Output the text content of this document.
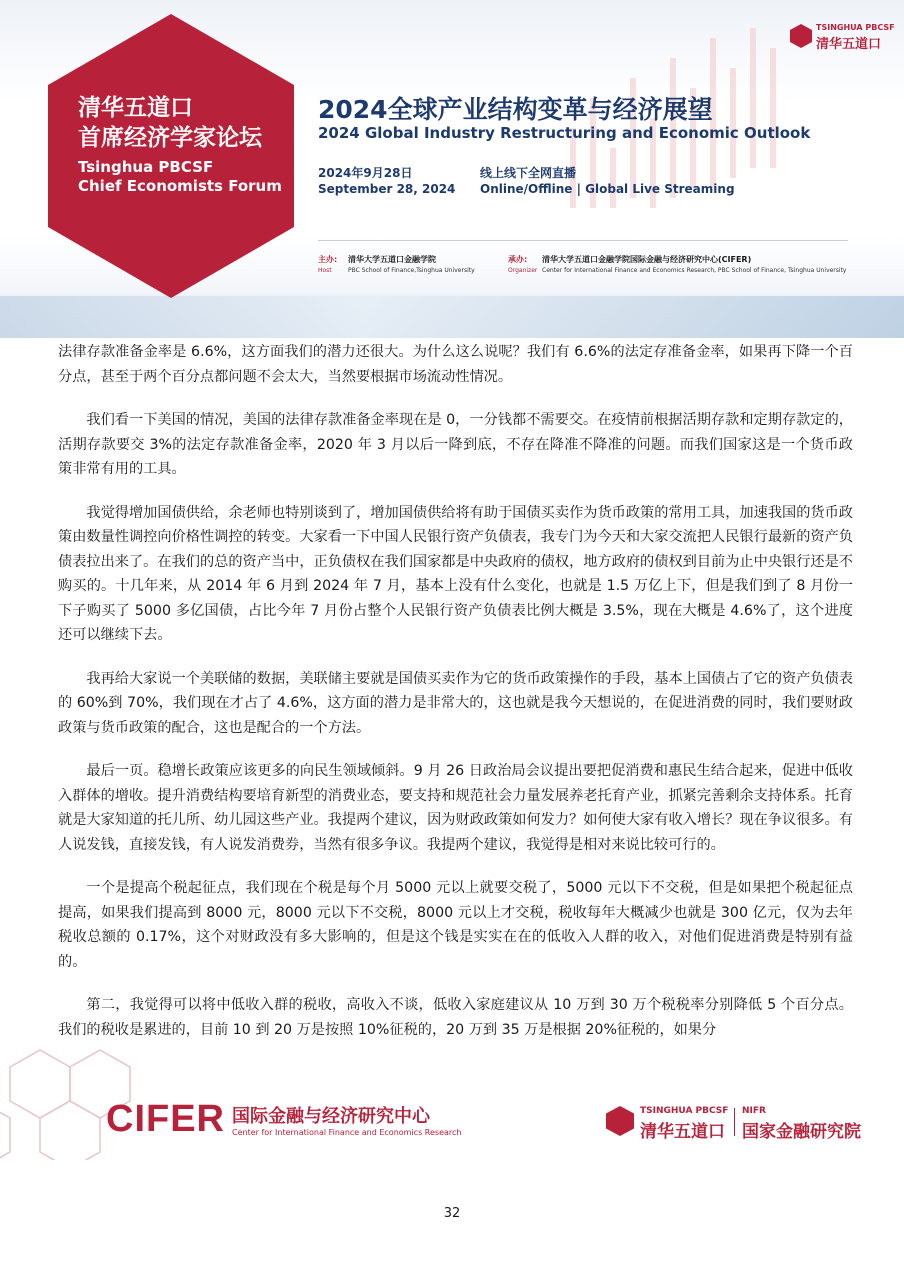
清华五道口
首席经济学家论坛
Tsinghua PBCSF
Chief Economists Forum
TSINGHUA PBCSF
清华五道口
2024全球产业结构变革与经济展望
2024 Global Industry Restructuring and Economic Outlook
2024年9月28日
September 28, 2024
线上线下全网直播
Online/Offline | Global Live Streaming
主办:
Host
清华大学五道口金融学院
PBC School of Finance,Tsinghua University
承办:
Organizer
清华大学五道口金融学院国际金融与经济研究中心(CIFER)
Center for International Finance and Economics Research, PBC School of Finance, Tsinghua University

法律存款准备金率是 6.6%，这方面我们的潜力还很大。为什么这么说呢？我们有 6.6%的法定存准备金率，如果再下降一个百分点，甚至于两个百分点都问题不会太大，当然要根据市场流动性情况。

我们看一下美国的情况，美国的法律存款准备金率现在是 0，一分钱都不需要交。在疫情前根据活期存款和定期存款定的，活期存款要交 3%的法定存款准备金率，2020 年 3 月以后一降到底，不存在降准不降准的问题。而我们国家这是一个货币政策非常有用的工具。

我觉得增加国债供给，余老师也特别谈到了，增加国债供给将有助于国债买卖作为货币政策的常用工具，加速我国的货币政策由数量性调控向价格性调控的转变。大家看一下中国人民银行资产负债表，我专门为今天和大家交流把人民银行最新的资产负债表拉出来了。在我们的总的资产当中，正负债权在我们国家都是中央政府的债权，地方政府的债权到目前为止中央银行还是不购买的。十几年来，从 2014 年 6 月到 2024 年 7 月，基本上没有什么变化，也就是 1.5 万亿上下，但是我们到了 8 月份一下子购买了 5000 多亿国债，占比今年 7 月份占整个人民银行资产负债表比例大概是 3.5%，现在大概是 4.6%了，这个进度还可以继续下去。

我再给大家说一个美联储的数据，美联储主要就是国债买卖作为它的货币政策操作的手段，基本上国债占了它的资产负债表的 60%到 70%，我们现在才占了 4.6%，这方面的潜力是非常大的，这也就是我今天想说的，在促进消费的同时，我们要财政政策与货币政策的配合，这也是配合的一个方法。

最后一页。稳增长政策应该更多的向民生领域倾斜。9 月 26 日政治局会议提出要把促消费和惠民生结合起来，促进中低收入群体的增收。提升消费结构要培育新型的消费业态，要支持和规范社会力量发展养老托育产业，抓紧完善剩余支持体系。托育就是大家知道的托儿所、幼儿园这些产业。我提两个建议，因为财政政策如何发力？如何使大家有收入增长？现在争议很多。有人说发钱，直接发钱，有人说发消费券，当然有很多争议。我提两个建议，我觉得是相对来说比较可行的。

一个是提高个税起征点，我们现在个税是每个月 5000 元以上就要交税了，5000 元以下不交税，但是如果把个税起征点提高，如果我们提高到 8000 元，8000 元以下不交税，8000 元以上才交税，税收每年大概减少也就是 300 亿元，仅为去年税收总额的 0.17%，这个对财政没有多大影响的，但是这个钱是实实在在的低收入人群的收入，对他们促进消费是特别有益的。

第二，我觉得可以将中低收入群的税收，高收入不谈，低收入家庭建议从 10 万到 30 万个税税率分别降低 5 个百分点。我们的税收是累进的，目前 10 到 20 万是按照 10%征税的，20 万到 35 万是根据 20%征税的，如果分

CIFER 国际金融与经济研究中心
Center for International Finance and Economics Research
TSINGHUA PBCSF
清华五道口
NIFR
国家金融研究院
32
